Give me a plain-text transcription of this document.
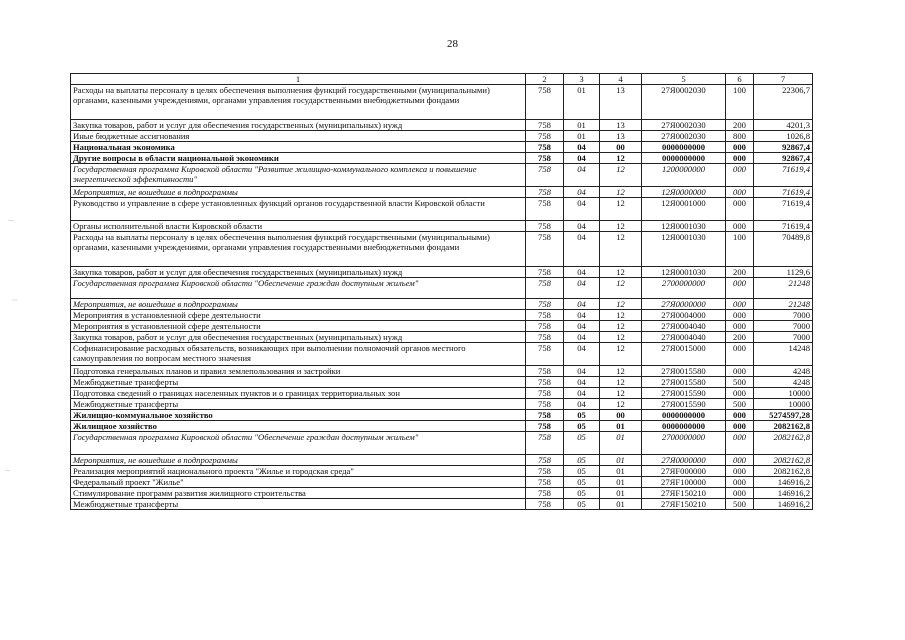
28
1	2	3	4	5	6	7
Расходы на выплаты персоналу в целях обеспечения выполнения функций государственными (муниципальными) органами, казенными учреждениями, органами управления государственными внебюджетными фондами	758	01	13	27Я0002030	100	22306,7
Закупка товаров, работ и услуг для обеспечения государственных (муниципальных) нужд	758	01	13	27Я0002030	200	4201,3
Иные бюджетные ассигнования	758	01	13	27Я0002030	800	1026,8
Национальная экономика	758	04	00	0000000000	000	92867,4
Другие вопросы в области национальной экономики	758	04	12	0000000000	000	92867,4
Государственная программа Кировской области "Развитие жилищно-коммунального комплекса и повышение энергетической эффективности"	758	04	12	1200000000	000	71619,4
Мероприятия, не вошедшие в подпрограммы	758	04	12	12Я0000000	000	71619,4
Руководство и управление в сфере установленных функций органов государственной власти Кировской области	758	04	12	12Я0001000	000	71619,4
Органы исполнительной власти Кировской области	758	04	12	12Я0001030	000	71619,4
Расходы на выплаты персоналу в целях обеспечения выполнения функций государственными (муниципальными) органами, казенными учреждениями, органами управления государственными внебюджетными фондами	758	04	12	12Я0001030	100	70489,8
Закупка товаров, работ и услуг для обеспечения государственных (муниципальных) нужд	758	04	12	12Я0001030	200	1129,6
Государственная программа Кировской области "Обеспечение граждан доступным жильем"	758	04	12	2700000000	000	21248
Мероприятия, не вошедшие в подпрограммы	758	04	12	27Я0000000	000	21248
Мероприятия в установленной сфере деятельности	758	04	12	27Я0004000	000	7000
Мероприятия в установленной сфере деятельности	758	04	12	27Я0004040	000	7000
Закупка товаров, работ и услуг для обеспечения государственных (муниципальных) нужд	758	04	12	27Я0004040	200	7000
Софинансирование расходных обязательств, возникающих при выполнении полномочий органов местного самоуправления по вопросам местного значения	758	04	12	27Я0015000	000	14248
Подготовка генеральных планов и правил землепользования и застройки	758	04	12	27Я0015580	000	4248
Межбюджетные трансферты	758	04	12	27Я0015580	500	4248
Подготовка сведений о границах населенных пунктов и о границах территориальных зон	758	04	12	27Я0015590	000	10000
Межбюджетные трансферты	758	04	12	27Я0015590	500	10000
Жилищно-коммунальное хозяйство	758	05	00	0000000000	000	5274597,28
Жилищное хозяйство	758	05	01	0000000000	000	2082162,8
Государственная программа Кировской области "Обеспечение граждан доступным жильем"	758	05	01	2700000000	000	2082162,8
Мероприятия, не вошедшие в подпрограммы	758	05	01	27Я0000000	000	2082162,8
Реализация мероприятий национального проекта "Жилье и городская среда"	758	05	01	27ЯF000000	000	2082162,8
Федеральный проект "Жилье"	758	05	01	27ЯF100000	000	146916,2
Стимулирование программ развития жилищного строительства	758	05	01	27ЯF150210	000	146916,2
Межбюджетные трансферты	758	05	01	27ЯF150210	500	146916,2
